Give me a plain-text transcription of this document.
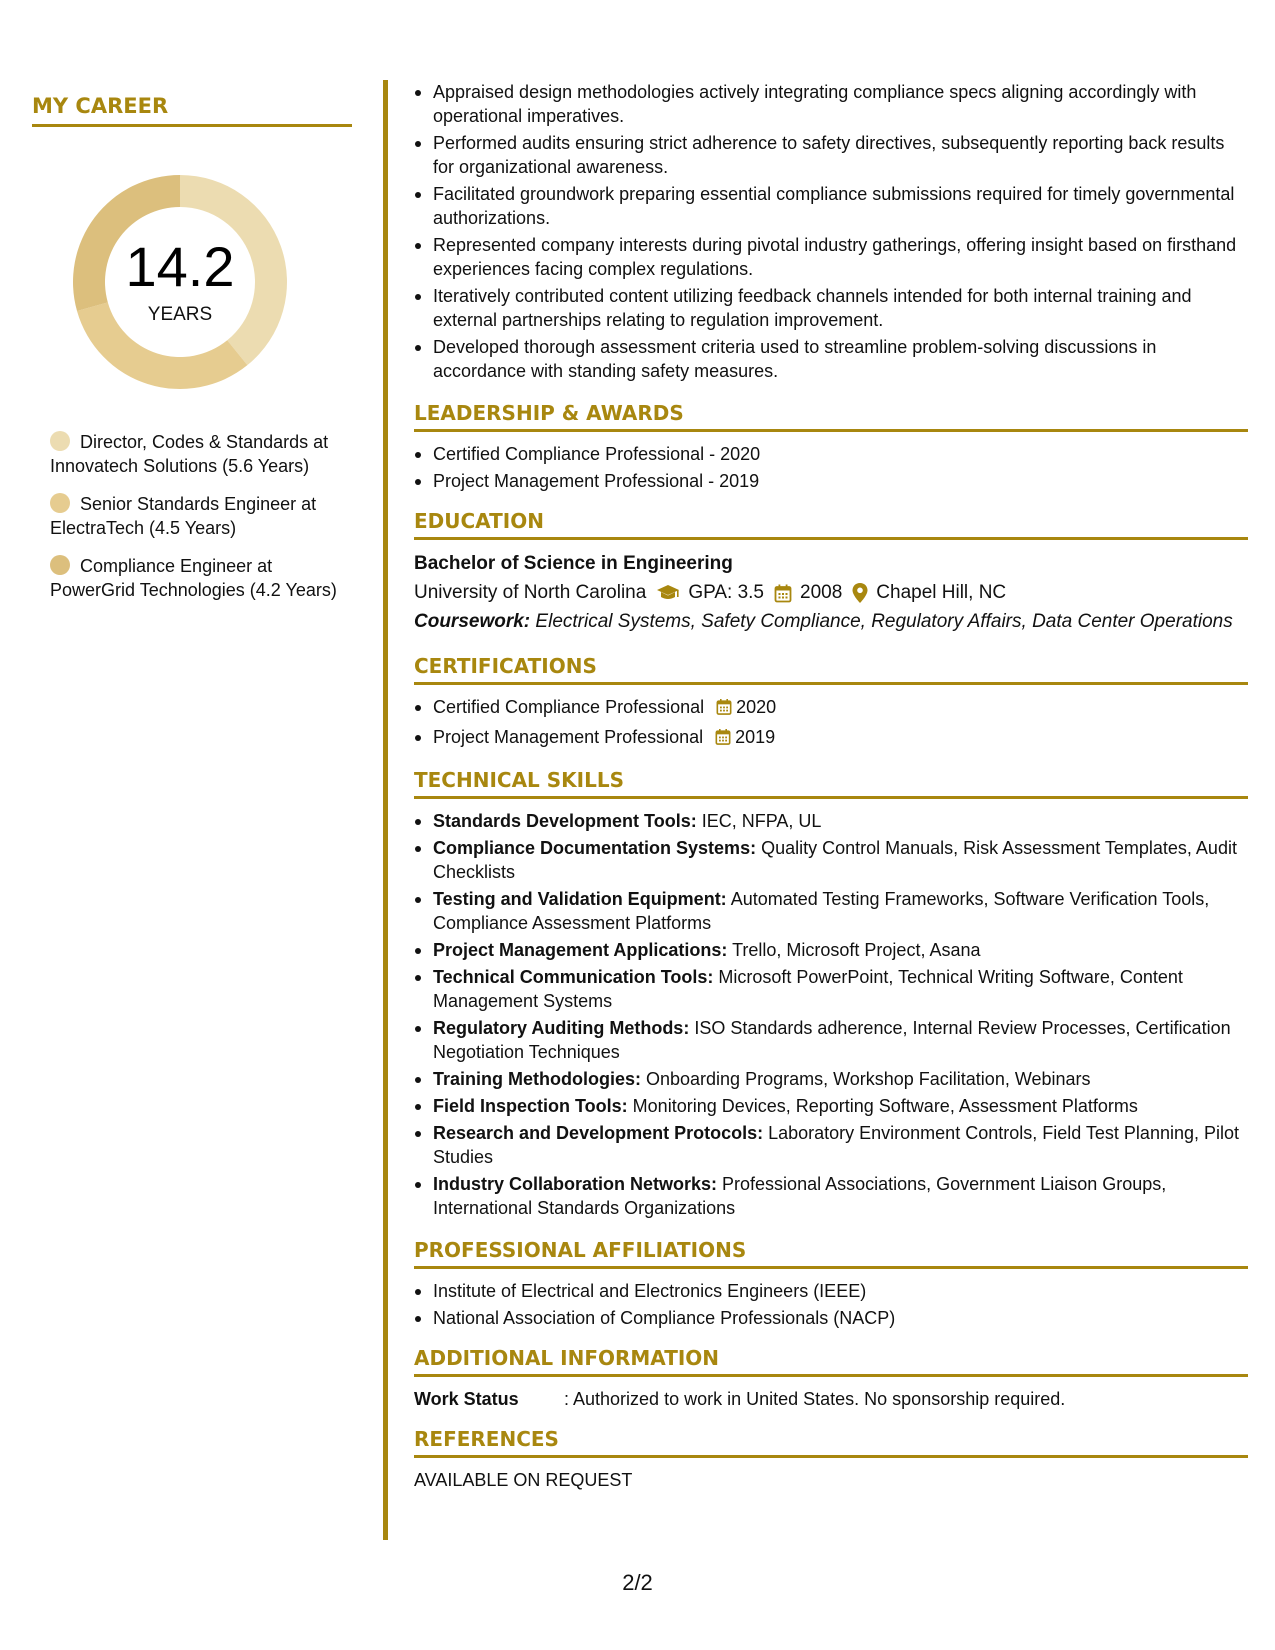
MY CAREER
14.2
YEARS
Director, Codes & Standards at Innovatech Solutions (5.6 Years)
Senior Standards Engineer at ElectraTech (4.5 Years)
Compliance Engineer at PowerGrid Technologies (4.2 Years)
Appraised design methodologies actively integrating compliance specs aligning accordingly with operational imperatives.
Performed audits ensuring strict adherence to safety directives, subsequently reporting back results for organizational awareness.
Facilitated groundwork preparing essential compliance submissions required for timely governmental authorizations.
Represented company interests during pivotal industry gatherings, offering insight based on firsthand experiences facing complex regulations.
Iteratively contributed content utilizing feedback channels intended for both internal training and external partnerships relating to regulation improvement.
Developed thorough assessment criteria used to streamline problem-solving discussions in accordance with standing safety measures.
LEADERSHIP & AWARDS
Certified Compliance Professional - 2020
Project Management Professional - 2019
EDUCATION
Bachelor of Science in Engineering
University of North Carolina GPA: 3.5 2008 Chapel Hill, NC
Coursework: Electrical Systems, Safety Compliance, Regulatory Affairs, Data Center Operations
CERTIFICATIONS
Certified Compliance Professional 2020
Project Management Professional 2019
TECHNICAL SKILLS
Standards Development Tools: IEC, NFPA, UL
Compliance Documentation Systems: Quality Control Manuals, Risk Assessment Templates, Audit Checklists
Testing and Validation Equipment: Automated Testing Frameworks, Software Verification Tools, Compliance Assessment Platforms
Project Management Applications: Trello, Microsoft Project, Asana
Technical Communication Tools: Microsoft PowerPoint, Technical Writing Software, Content Management Systems
Regulatory Auditing Methods: ISO Standards adherence, Internal Review Processes, Certification Negotiation Techniques
Training Methodologies: Onboarding Programs, Workshop Facilitation, Webinars
Field Inspection Tools: Monitoring Devices, Reporting Software, Assessment Platforms
Research and Development Protocols: Laboratory Environment Controls, Field Test Planning, Pilot Studies
Industry Collaboration Networks: Professional Associations, Government Liaison Groups, International Standards Organizations
PROFESSIONAL AFFILIATIONS
Institute of Electrical and Electronics Engineers (IEEE)
National Association of Compliance Professionals (NACP)
ADDITIONAL INFORMATION
Work Status	: Authorized to work in United States. No sponsorship required.
REFERENCES
AVAILABLE ON REQUEST
2/2
